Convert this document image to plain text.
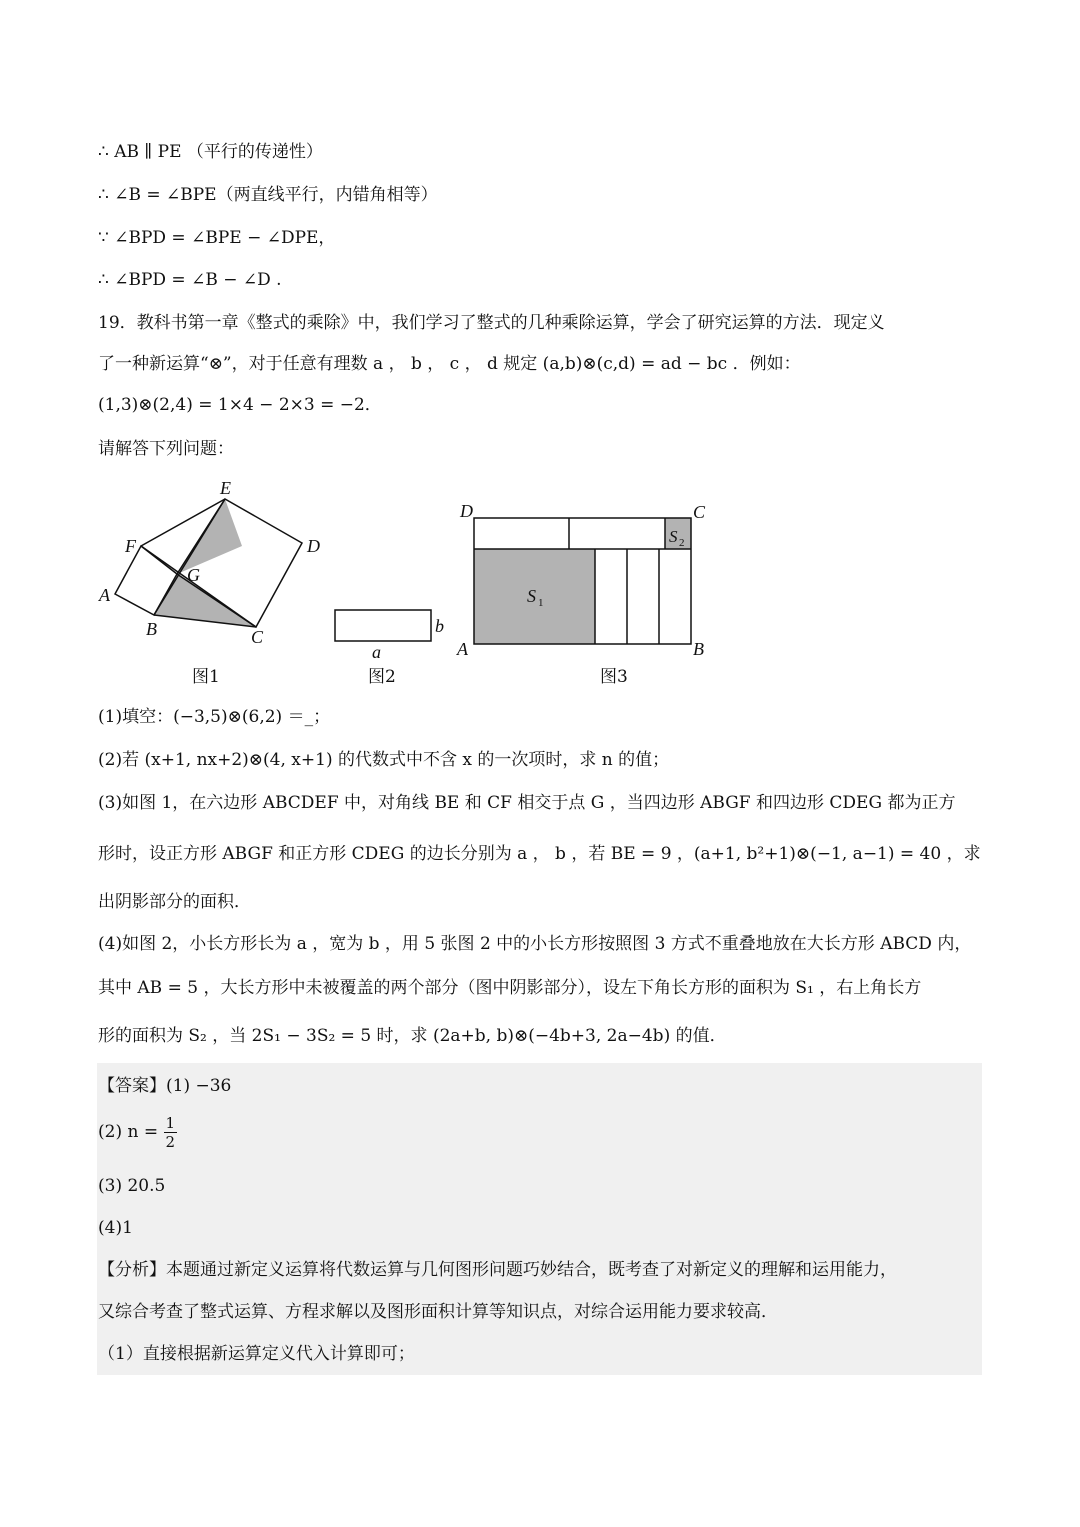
∴ AB ∥ PE （平行的传递性）
∴ ∠B = ∠BPE（两直线平行，内错角相等）
∵ ∠BPD = ∠BPE − ∠DPE，
∴ ∠BPD = ∠B − ∠D .
19．教科书第一章《整式的乘除》中，我们学习了整式的几种乘除运算，学会了研究运算的方法．现定义
了一种新运算“⊗”，对于任意有理数 a ， b ， c ， d 规定 (a,b)⊗(c,d) = ad − bc ．例如：
(1,3)⊗(2,4) = 1×4 − 2×3 = −2．
请解答下列问题：
E
F
G
D
A
B	C
图1
b
a
图2
D	C
A	B
S
S
1
2
图3
(1)填空：(−3,5)⊗(6,2) ＝_；
(2)若 (x+1, nx+2)⊗(4, x+1) 的代数式中不含 x 的一次项时，求 n 的值；
(3)如图 1，在六边形 ABCDEF 中，对角线 BE 和 CF 相交于点 G ，当四边形 ABGF 和四边形 CDEG 都为正方
形时，设正方形 ABGF 和正方形 CDEG 的边长分别为 a ， b ，若 BE = 9 ，(a+1, b²+1)⊗(−1, a−1) = 40 ，求
出阴影部分的面积．
(4)如图 2，小长方形长为 a ，宽为 b ，用 5 张图 2 中的小长方形按照图 3 方式不重叠地放在大长方形 ABCD 内，
其中 AB = 5 ，大长方形中未被覆盖的两个部分（图中阴影部分），设左下角长方形的面积为 S₁ ，右上角长方
形的面积为 S₂ ，当 2S₁ − 3S₂ = 5 时，求 (2a+b, b)⊗(−4b+3, 2a−4b) 的值．
【答案】(1) −36
(2) $n = \frac{1}{2}$
(3) 20.5
(4)1
【分析】本题通过新定义运算将代数运算与几何图形问题巧妙结合，既考查了对新定义的理解和运用能力，
又综合考查了整式运算、方程求解以及图形面积计算等知识点，对综合运用能力要求较高．
（1）直接根据新运算定义代入计算即可；
